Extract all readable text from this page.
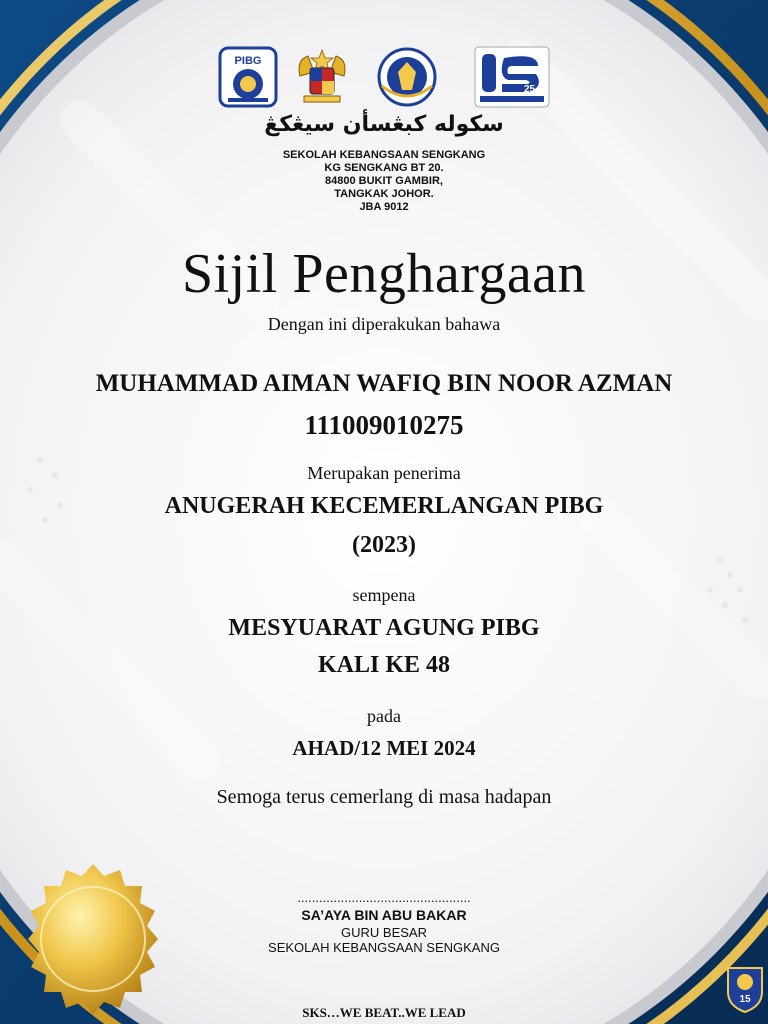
PIBG
25
سکوله کبڠسأن سيڠکڠ
SEKOLAH KEBANGSAAN SENGKANG
KG SENGKANG BT 20.
84800 BUKIT GAMBIR,
TANGKAK JOHOR.
JBA 9012
Sijil Penghargaan
Dengan ini diperakukan bahawa
MUHAMMAD AIMAN WAFIQ BIN NOOR AZMAN
111009010275
Merupakan penerima
ANUGERAH KECEMERLANGAN PIBG
(2023)
sempena
MESYUARAT AGUNG PIBG
KALI KE 48
pada
AHAD/12 MEI 2024
Semoga terus cemerlang di masa hadapan
................................................
SA’AYA BIN ABU BAKAR
GURU BESAR
SEKOLAH KEBANGSAAN SENGKANG
SKS…WE BEAT..WE LEAD
15
